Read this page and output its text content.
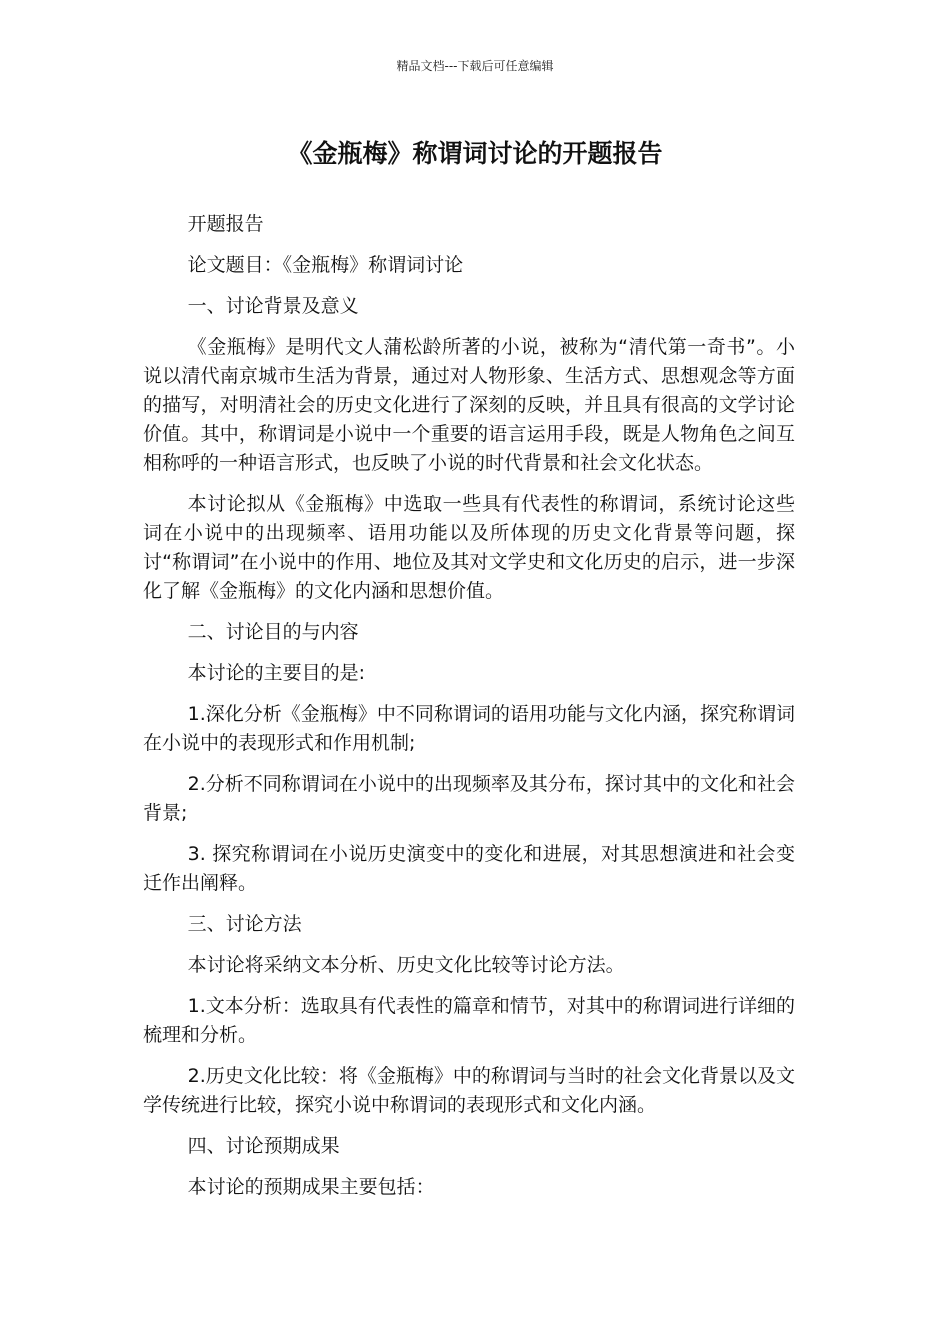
精品文档---下载后可任意编辑
《金瓶梅》称谓词讨论的开题报告

开题报告

论文题目：《金瓶梅》称谓词讨论

一、讨论背景及意义

《金瓶梅》是明代文人蒲松龄所著的小说，被称为“清代第一奇书”。小说以清代南京城市生活为背景，通过对人物形象、生活方式、思想观念等方面的描写，对明清社会的历史文化进行了深刻的反映，并且具有很高的文学讨论价值。其中，称谓词是小说中一个重要的语言运用手段，既是人物角色之间互相称呼的一种语言形式，也反映了小说的时代背景和社会文化状态。

本讨论拟从《金瓶梅》中选取一些具有代表性的称谓词，系统讨论这些词在小说中的出现频率、语用功能以及所体现的历史文化背景等问题，探讨“称谓词”在小说中的作用、地位及其对文学史和文化历史的启示，进一步深化了解《金瓶梅》的文化内涵和思想价值。

二、讨论目的与内容

本讨论的主要目的是:

1.深化分析《金瓶梅》中不同称谓词的语用功能与文化内涵，探究称谓词在小说中的表现形式和作用机制;

2.分析不同称谓词在小说中的出现频率及其分布，探讨其中的文化和社会背景;

3. 探究称谓词在小说历史演变中的变化和进展，对其思想演进和社会变迁作出阐释。

三、讨论方法

本讨论将采纳文本分析、历史文化比较等讨论方法。

1.文本分析：选取具有代表性的篇章和情节，对其中的称谓词进行详细的梳理和分析。

2.历史文化比较：将《金瓶梅》中的称谓词与当时的社会文化背景以及文学传统进行比较，探究小说中称谓词的表现形式和文化内涵。

四、讨论预期成果

本讨论的预期成果主要包括：
